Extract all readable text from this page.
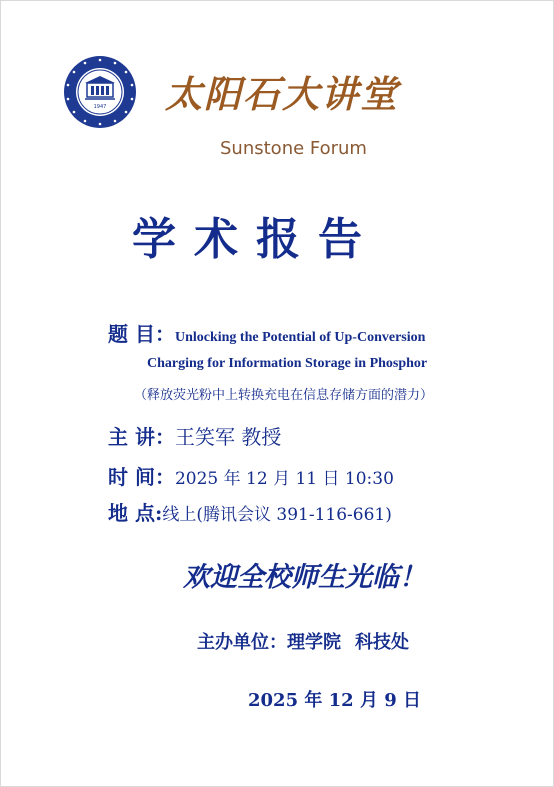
1947 太阳石大讲堂
Sunstone Forum
学术报告
题 目：Unlocking the Potential of Up-Conversion
Charging for Information Storage in Phosphor
（释放荧光粉中上转换充电在信息存储方面的潜力）
主 讲：王笑军 教授
时 间：2025 年 12 月 11 日 10:30
地 点:线上(腾讯会议 391-116-661)
欢迎全校师生光临！
主办单位：理学院 科技处
2025 年 12 月 9 日
